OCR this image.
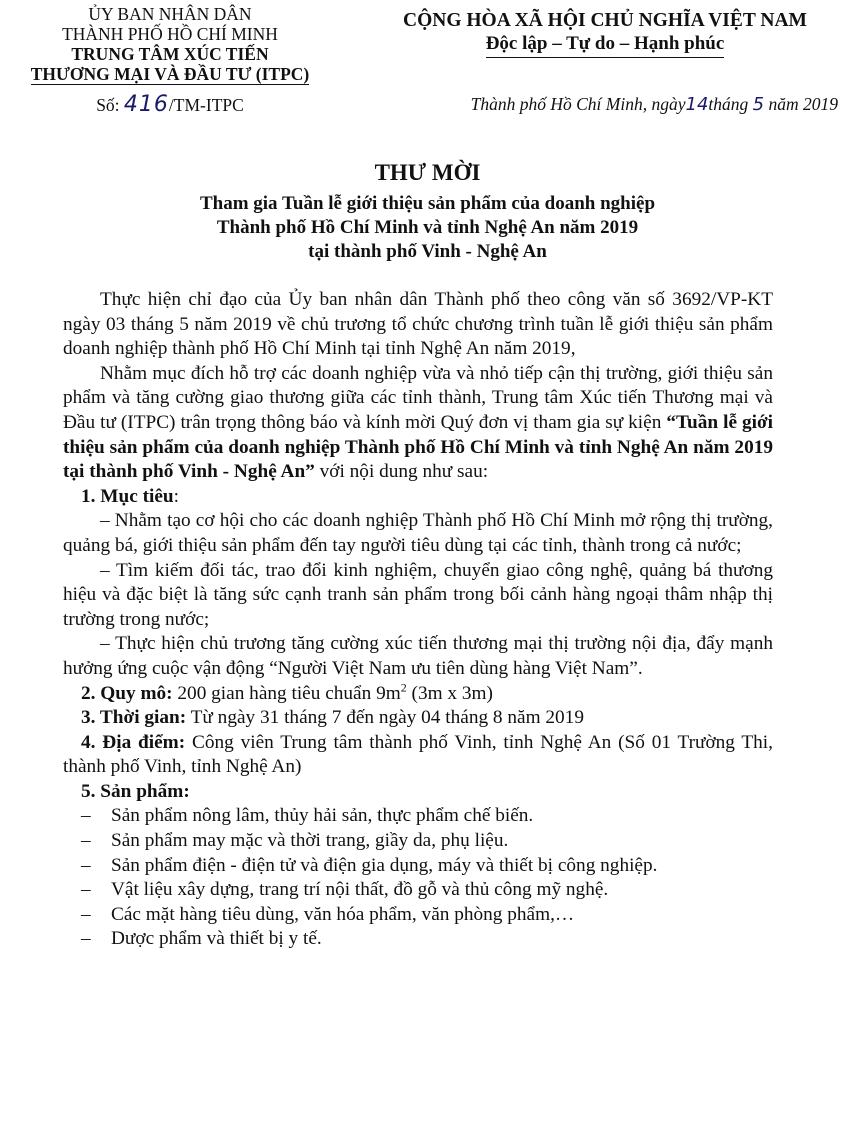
ỦY BAN NHÂN DÂN
THÀNH PHỐ HỒ CHÍ MINH
TRUNG TÂM XÚC TIẾN
THƯƠNG MẠI VÀ ĐẦU TƯ (ITPC)
Số: 416/TM-ITPC
CỘNG HÒA XÃ HỘI CHỦ NGHĨA VIỆT NAM
Độc lập – Tự do – Hạnh phúc
Thành phố Hồ Chí Minh, ngày14tháng 5 năm 2019
THƯ MỜI
Tham gia Tuần lễ giới thiệu sản phẩm của doanh nghiệp
Thành phố Hồ Chí Minh và tỉnh Nghệ An năm 2019
tại thành phố Vinh - Nghệ An

Thực hiện chỉ đạo của Ủy ban nhân dân Thành phố theo công văn số 3692/VP-KT ngày 03 tháng 5 năm 2019 về chủ trương tổ chức chương trình tuần lễ giới thiệu sản phẩm doanh nghiệp thành phố Hồ Chí Minh tại tỉnh Nghệ An năm 2019,

Nhằm mục đích hỗ trợ các doanh nghiệp vừa và nhỏ tiếp cận thị trường, giới thiệu sản phẩm và tăng cường giao thương giữa các tỉnh thành, Trung tâm Xúc tiến Thương mại và Đầu tư (ITPC) trân trọng thông báo và kính mời Quý đơn vị tham gia sự kiện “Tuần lễ giới thiệu sản phẩm của doanh nghiệp Thành phố Hồ Chí Minh và tỉnh Nghệ An năm 2019 tại thành phố Vinh - Nghệ An” với nội dung như sau:

1. Mục tiêu:

– Nhằm tạo cơ hội cho các doanh nghiệp Thành phố Hồ Chí Minh mở rộng thị trường, quảng bá, giới thiệu sản phẩm đến tay người tiêu dùng tại các tỉnh, thành trong cả nước;

– Tìm kiếm đối tác, trao đổi kinh nghiệm, chuyển giao công nghệ, quảng bá thương hiệu và đặc biệt là tăng sức cạnh tranh sản phẩm trong bối cảnh hàng ngoại thâm nhập thị trường trong nước;

– Thực hiện chủ trương tăng cường xúc tiến thương mại thị trường nội địa, đẩy mạnh hưởng ứng cuộc vận động “Người Việt Nam ưu tiên dùng hàng Việt Nam”.

2. Quy mô: 200 gian hàng tiêu chuẩn $9m^2$ (3m x 3m)

3. Thời gian: Từ ngày 31 tháng 7 đến ngày 04 tháng 8 năm 2019

4. Địa điểm: Công viên Trung tâm thành phố Vinh, tỉnh Nghệ An (Số 01 Trường Thi, thành phố Vinh, tỉnh Nghệ An)

5. Sản phẩm:

– Sản phẩm nông lâm, thủy hải sản, thực phẩm chế biến.

– Sản phẩm may mặc và thời trang, giầy da, phụ liệu.

– Sản phẩm điện - điện tử và điện gia dụng, máy và thiết bị công nghiệp.

– Vật liệu xây dựng, trang trí nội thất, đồ gỗ và thủ công mỹ nghệ.

– Các mặt hàng tiêu dùng, văn hóa phẩm, văn phòng phẩm,…

– Dược phẩm và thiết bị y tế.
